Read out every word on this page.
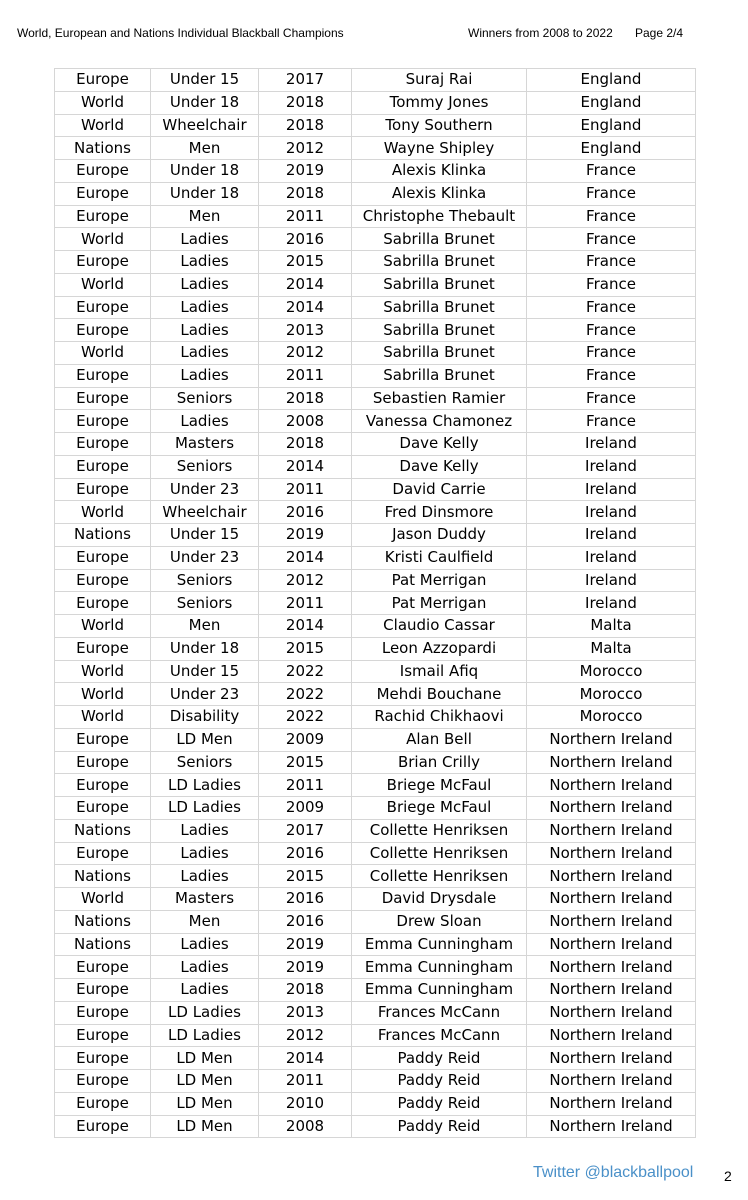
World, European and Nations Individual Blackball Champions	Winners from 2008 to 2022 Page 2/4
Europe	Under 15	2017	Suraj Rai	England
World	Under 18	2018	Tommy Jones	England
World	Wheelchair	2018	Tony Southern	England
Nations	Men	2012	Wayne Shipley	England
Europe	Under 18	2019	Alexis Klinka	France
Europe	Under 18	2018	Alexis Klinka	France
Europe	Men	2011	Christophe Thebault	France
World	Ladies	2016	Sabrilla Brunet	France
Europe	Ladies	2015	Sabrilla Brunet	France
World	Ladies	2014	Sabrilla Brunet	France
Europe	Ladies	2014	Sabrilla Brunet	France
Europe	Ladies	2013	Sabrilla Brunet	France
World	Ladies	2012	Sabrilla Brunet	France
Europe	Ladies	2011	Sabrilla Brunet	France
Europe	Seniors	2018	Sebastien Ramier	France
Europe	Ladies	2008	Vanessa Chamonez	France
Europe	Masters	2018	Dave Kelly	Ireland
Europe	Seniors	2014	Dave Kelly	Ireland
Europe	Under 23	2011	David Carrie	Ireland
World	Wheelchair	2016	Fred Dinsmore	Ireland
Nations	Under 15	2019	Jason Duddy	Ireland
Europe	Under 23	2014	Kristi Caulfield	Ireland
Europe	Seniors	2012	Pat Merrigan	Ireland
Europe	Seniors	2011	Pat Merrigan	Ireland
World	Men	2014	Claudio Cassar	Malta
Europe	Under 18	2015	Leon Azzopardi	Malta
World	Under 15	2022	Ismail Afiq	Morocco
World	Under 23	2022	Mehdi Bouchane	Morocco
World	Disability	2022	Rachid Chikhaovi	Morocco
Europe	LD Men	2009	Alan Bell	Northern Ireland
Europe	Seniors	2015	Brian Crilly	Northern Ireland
Europe	LD Ladies	2011	Briege McFaul	Northern Ireland
Europe	LD Ladies	2009	Briege McFaul	Northern Ireland
Nations	Ladies	2017	Collette Henriksen	Northern Ireland
Europe	Ladies	2016	Collette Henriksen	Northern Ireland
Nations	Ladies	2015	Collette Henriksen	Northern Ireland
World	Masters	2016	David Drysdale	Northern Ireland
Nations	Men	2016	Drew Sloan	Northern Ireland
Nations	Ladies	2019	Emma Cunningham	Northern Ireland
Europe	Ladies	2019	Emma Cunningham	Northern Ireland
Europe	Ladies	2018	Emma Cunningham	Northern Ireland
Europe	LD Ladies	2013	Frances McCann	Northern Ireland
Europe	LD Ladies	2012	Frances McCann	Northern Ireland
Europe	LD Men	2014	Paddy Reid	Northern Ireland
Europe	LD Men	2011	Paddy Reid	Northern Ireland
Europe	LD Men	2010	Paddy Reid	Northern Ireland
Europe	LD Men	2008	Paddy Reid	Northern Ireland
Twitter @blackballpool 2
